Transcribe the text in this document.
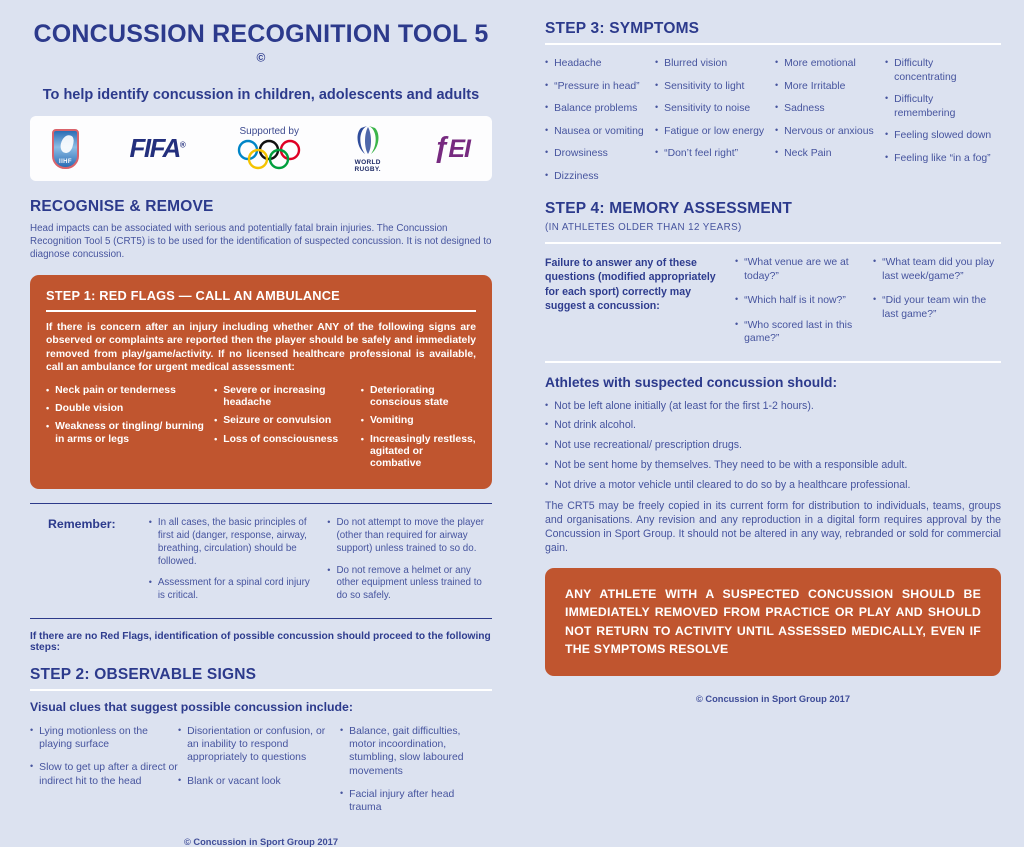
CONCUSSION RECOGNITION TOOL 5 ©
To help identify concussion in children, adolescents and adults
IIHF FIFA®
Supported by
WORLD
RUGBY.
ƒEI
RECOGNISE & REMOVE

Head impacts can be associated with serious and potentially fatal brain injuries. The Concussion Recognition Tool 5 (CRT5) is to be used for the identification of suspected concussion. It is not designed to diagnose concussion.

STEP 1: RED FLAGS — CALL AN AMBULANCE

If there is concern after an injury including whether ANY of the following signs are observed or complaints are reported then the player should be safely and immediately removed from play/game/activity. If no licensed healthcare professional is available, call an ambulance for urgent medical assessment:

• Neck pain or tenderness
• Double vision
• Weakness or tingling/ burning in arms or legs
• Severe or increasing headache
• Seizure or convulsion
• Loss of consciousness
• Deteriorating conscious state
• Vomiting
• Increasingly restless, agitated or combative
Remember:	• In all cases, the basic principles of first aid (danger, response, airway, breathing, circulation) should be followed.
• Assessment for a spinal cord injury is critical.
• Do not attempt to move the player (other than required for airway support) unless trained to so do.
• Do not remove a helmet or any other equipment unless trained to do so safely.

If there are no Red Flags, identification of possible concussion should proceed to the following steps:

STEP 2: OBSERVABLE SIGNS
Visual clues that suggest possible concussion include:
• Lying motionless on the playing surface
• Slow to get up after a direct or indirect hit to the head
• Disorientation or confusion, or an inability to respond appropriately to questions
• Blank or vacant look
• Balance, gait difficulties, motor incoordination, stumbling, slow laboured movements
• Facial injury after head trauma
© Concussion in Sport Group 2017
STEP 3: SYMPTOMS
• Headache
• “Pressure in head”
• Balance problems
• Nausea or vomiting
• Drowsiness
• Dizziness
• Blurred vision
• Sensitivity to light
• Sensitivity to noise
• Fatigue or low energy
• “Don’t feel right”
• More emotional
• More Irritable
• Sadness
• Nervous or anxious
• Neck Pain
• Difficulty concentrating
• Difficulty remembering
• Feeling slowed down
• Feeling like “in a fog”
STEP 4: MEMORY ASSESSMENT
(IN ATHLETES OLDER THAN 12 YEARS)
Failure to answer any of these questions (modified appropriately for each sport) correctly may suggest a concussion:
• “What venue are we at today?”
• “Which half is it now?”
• “Who scored last in this game?”
• “What team did you play last week/game?”
• “Did your team win the last game?”
Athletes with suspected concussion should:
• Not be left alone initially (at least for the first 1-2 hours).
• Not drink alcohol.
• Not use recreational/ prescription drugs.
• Not be sent home by themselves. They need to be with a responsible adult.
• Not drive a motor vehicle until cleared to do so by a healthcare professional.

The CRT5 may be freely copied in its current form for distribution to individuals, teams, groups and organisations. Any revision and any reproduction in a digital form requires approval by the Concussion in Sport Group. It should not be altered in any way, rebranded or sold for commercial gain.

ANY ATHLETE WITH A SUSPECTED CONCUSSION SHOULD BE IMMEDIATELY REMOVED FROM PRACTICE OR PLAY AND SHOULD NOT RETURN TO ACTIVITY UNTIL ASSESSED MEDICALLY, EVEN IF THE SYMPTOMS RESOLVE
© Concussion in Sport Group 2017
